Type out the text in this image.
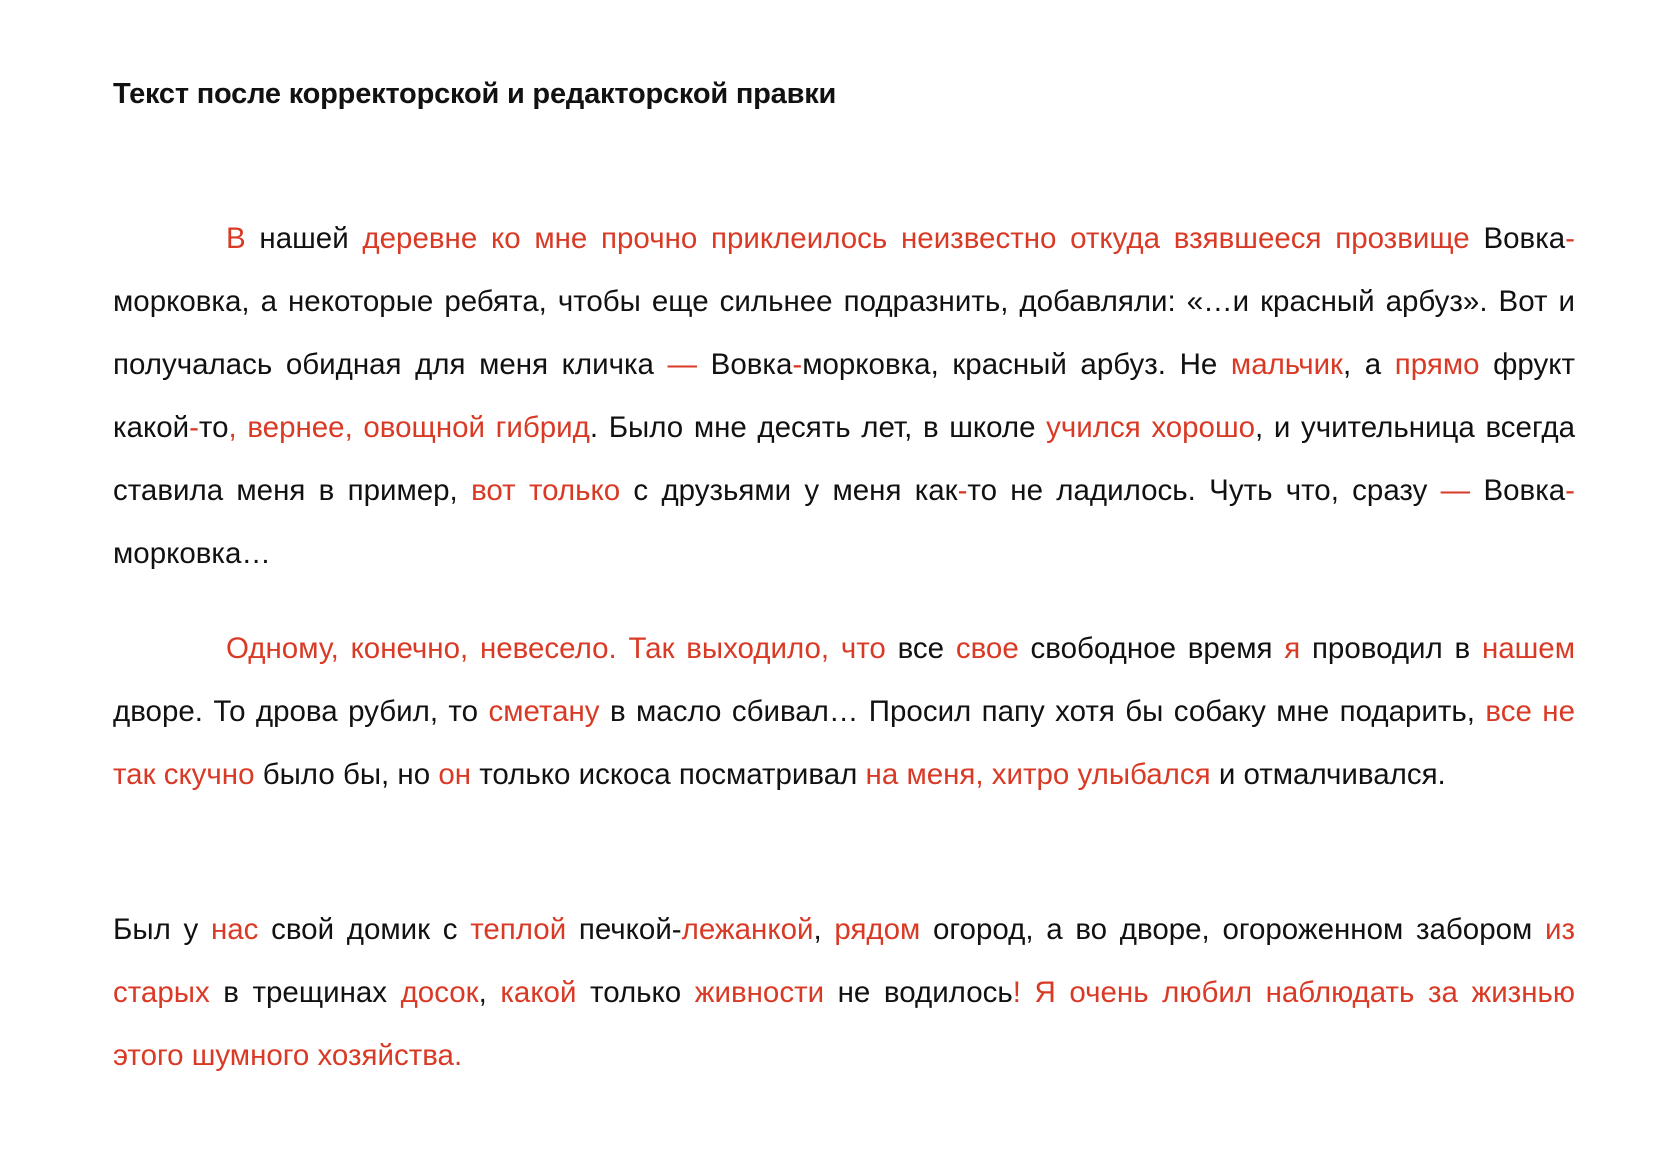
Текст после корректорской и редакторской правки

В нашей деревне ко мне прочно приклеилось неизвестно откуда взявшееся прозвище Вовка-морковка, а некоторые ребята, чтобы еще сильнее подразнить, добавляли: «…и красный арбуз». Вот и получалась обидная для меня кличка — Вовка-морковка, красный арбуз. Не мальчик, а прямо фрукт какой-то, вернее, овощной гибрид. Было мне десять лет, в школе учился хорошо, и учительница всегда ставила меня в пример, вот только с друзьями у меня как-то не ладилось. Чуть что, сразу — Вовка-морковка…

Одному, конечно, невесело. Так выходило, что все свое свободное время я проводил в нашем дворе. То дрова рубил, то сметану в масло сбивал… Просил папу хотя бы собаку мне подарить, все не так скучно было бы, но он только искоса посматривал на меня, хитро улыбался и отмалчивался.

Был у нас свой домик с теплой печкой-лежанкой, рядом огород, а во дворе, огороженном забором из старых в трещинах досок, какой только живности не водилось! Я очень любил наблюдать за жизнью этого шумного хозяйства.
